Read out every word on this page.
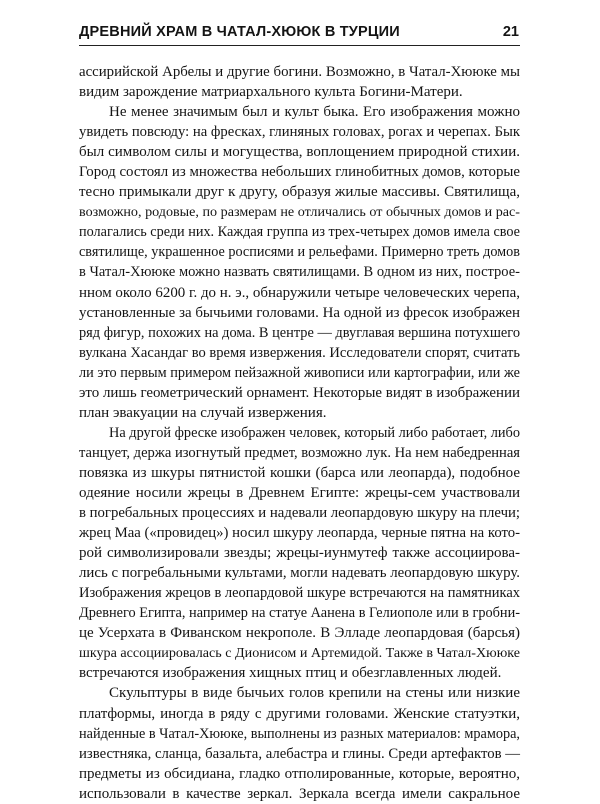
ДРЕВНИЙ ХРАМ В ЧАТАЛ-ХЮЮК В ТУРЦИИ	21
ассирийской Арбелы и другие богини. Возможно, в Чатал-Хююке мы
видим зарождение матриархального культа Богини-Матери.
Не менее значимым был и культ быка. Его изображения можно
увидеть повсюду: на фресках, глиняных головах, рогах и черепах. Бык
был символом силы и могущества, воплощением природной стихии.
Город состоял из множества небольших глинобитных домов, которые
тесно примыкали друг к другу, образуя жилые массивы. Святилища,
возможно, родовые, по размерам не отличались от обычных домов и рас-
полагались среди них. Каждая группа из трех-четырех домов имела свое
святилище, украшенное росписями и рельефами. Примерно треть домов
в Чатал-Хююке можно назвать святилищами. В одном из них, построе-
нном около 6200 г. до н. э., обнаружили четыре человеческих черепа,
установленные за бычьими головами. На одной из фресок изображен
ряд фигур, похожих на дома. В центре — двуглавая вершина потухшего
вулкана Хасандаг во время извержения. Исследователи спорят, считать
ли это первым примером пейзажной живописи или картографии, или же
это лишь геометрический орнамент. Некоторые видят в изображении
план эвакуации на случай извержения.
На другой фреске изображен человек, который либо работает, либо
танцует, держа изогнутый предмет, возможно лук. На нем набедренная
повязка из шкуры пятнистой кошки (барса или леопарда), подобное
одеяние носили жрецы в Древнем Египте: жрецы-сем участвовали
в погребальных процессиях и надевали леопардовую шкуру на плечи;
жрец Маа («провидец») носил шкуру леопарда, черные пятна на кото-
рой символизировали звезды; жрецы-иунмутеф также ассоциирова-
лись с погребальными культами, могли надевать леопардовую шкуру.
Изображения жрецов в леопардовой шкуре встречаются на памятниках
Древнего Египта, например на статуе Аанена в Гелиополе или в гробни-
це Усерхата в Фиванском некрополе. В Элладе леопардовая (барсья)
шкура ассоциировалась с Дионисом и Артемидой. Также в Чатал-Хююке
встречаются изображения хищных птиц и обезглавленных людей.
Скульптуры в виде бычьих голов крепили на стены или низкие
платформы, иногда в ряду с другими головами. Женские статуэтки,
найденные в Чатал-Хююке, выполнены из разных материалов: мрамора,
известняка, сланца, базальта, алебастра и глины. Среди артефактов —
предметы из обсидиана, гладко отполированные, которые, вероятно,
использовали в качестве зеркал. Зеркала всегда имели сакральное
